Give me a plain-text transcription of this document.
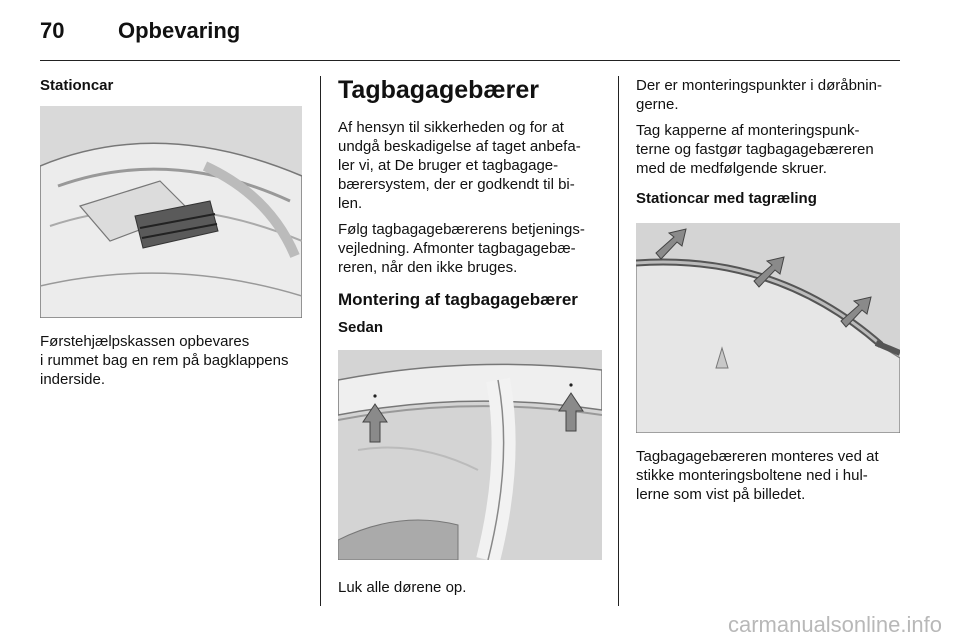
70 Opbevaring

Stationcar

Førstehjælpskassen opbevares
i rummet bag en rem på bagklappens
inderside.

Tagbagagebærer

Af hensyn til sikkerheden og for at
undgå beskadigelse af taget anbefa-
ler vi, at De bruger et tagbagage-
bærersystem, der er godkendt til bi-
len.

Følg tagbagagebærerens betjenings-
vejledning. Afmonter tagbagagebæ-
reren, når den ikke bruges.

Montering af tagbagagebærer

Sedan

Luk alle dørene op.

Der er monteringspunkter i døråbnin-
gerne.

Tag kapperne af monteringspunk-
terne og fastgør tagbagagebæreren
med de medfølgende skruer.

Stationcar med tagræling

Tagbagagebæreren monteres ved at
stikke monteringsboltene ned i hul-
lerne som vist på billedet.

carmanualsonline.info
